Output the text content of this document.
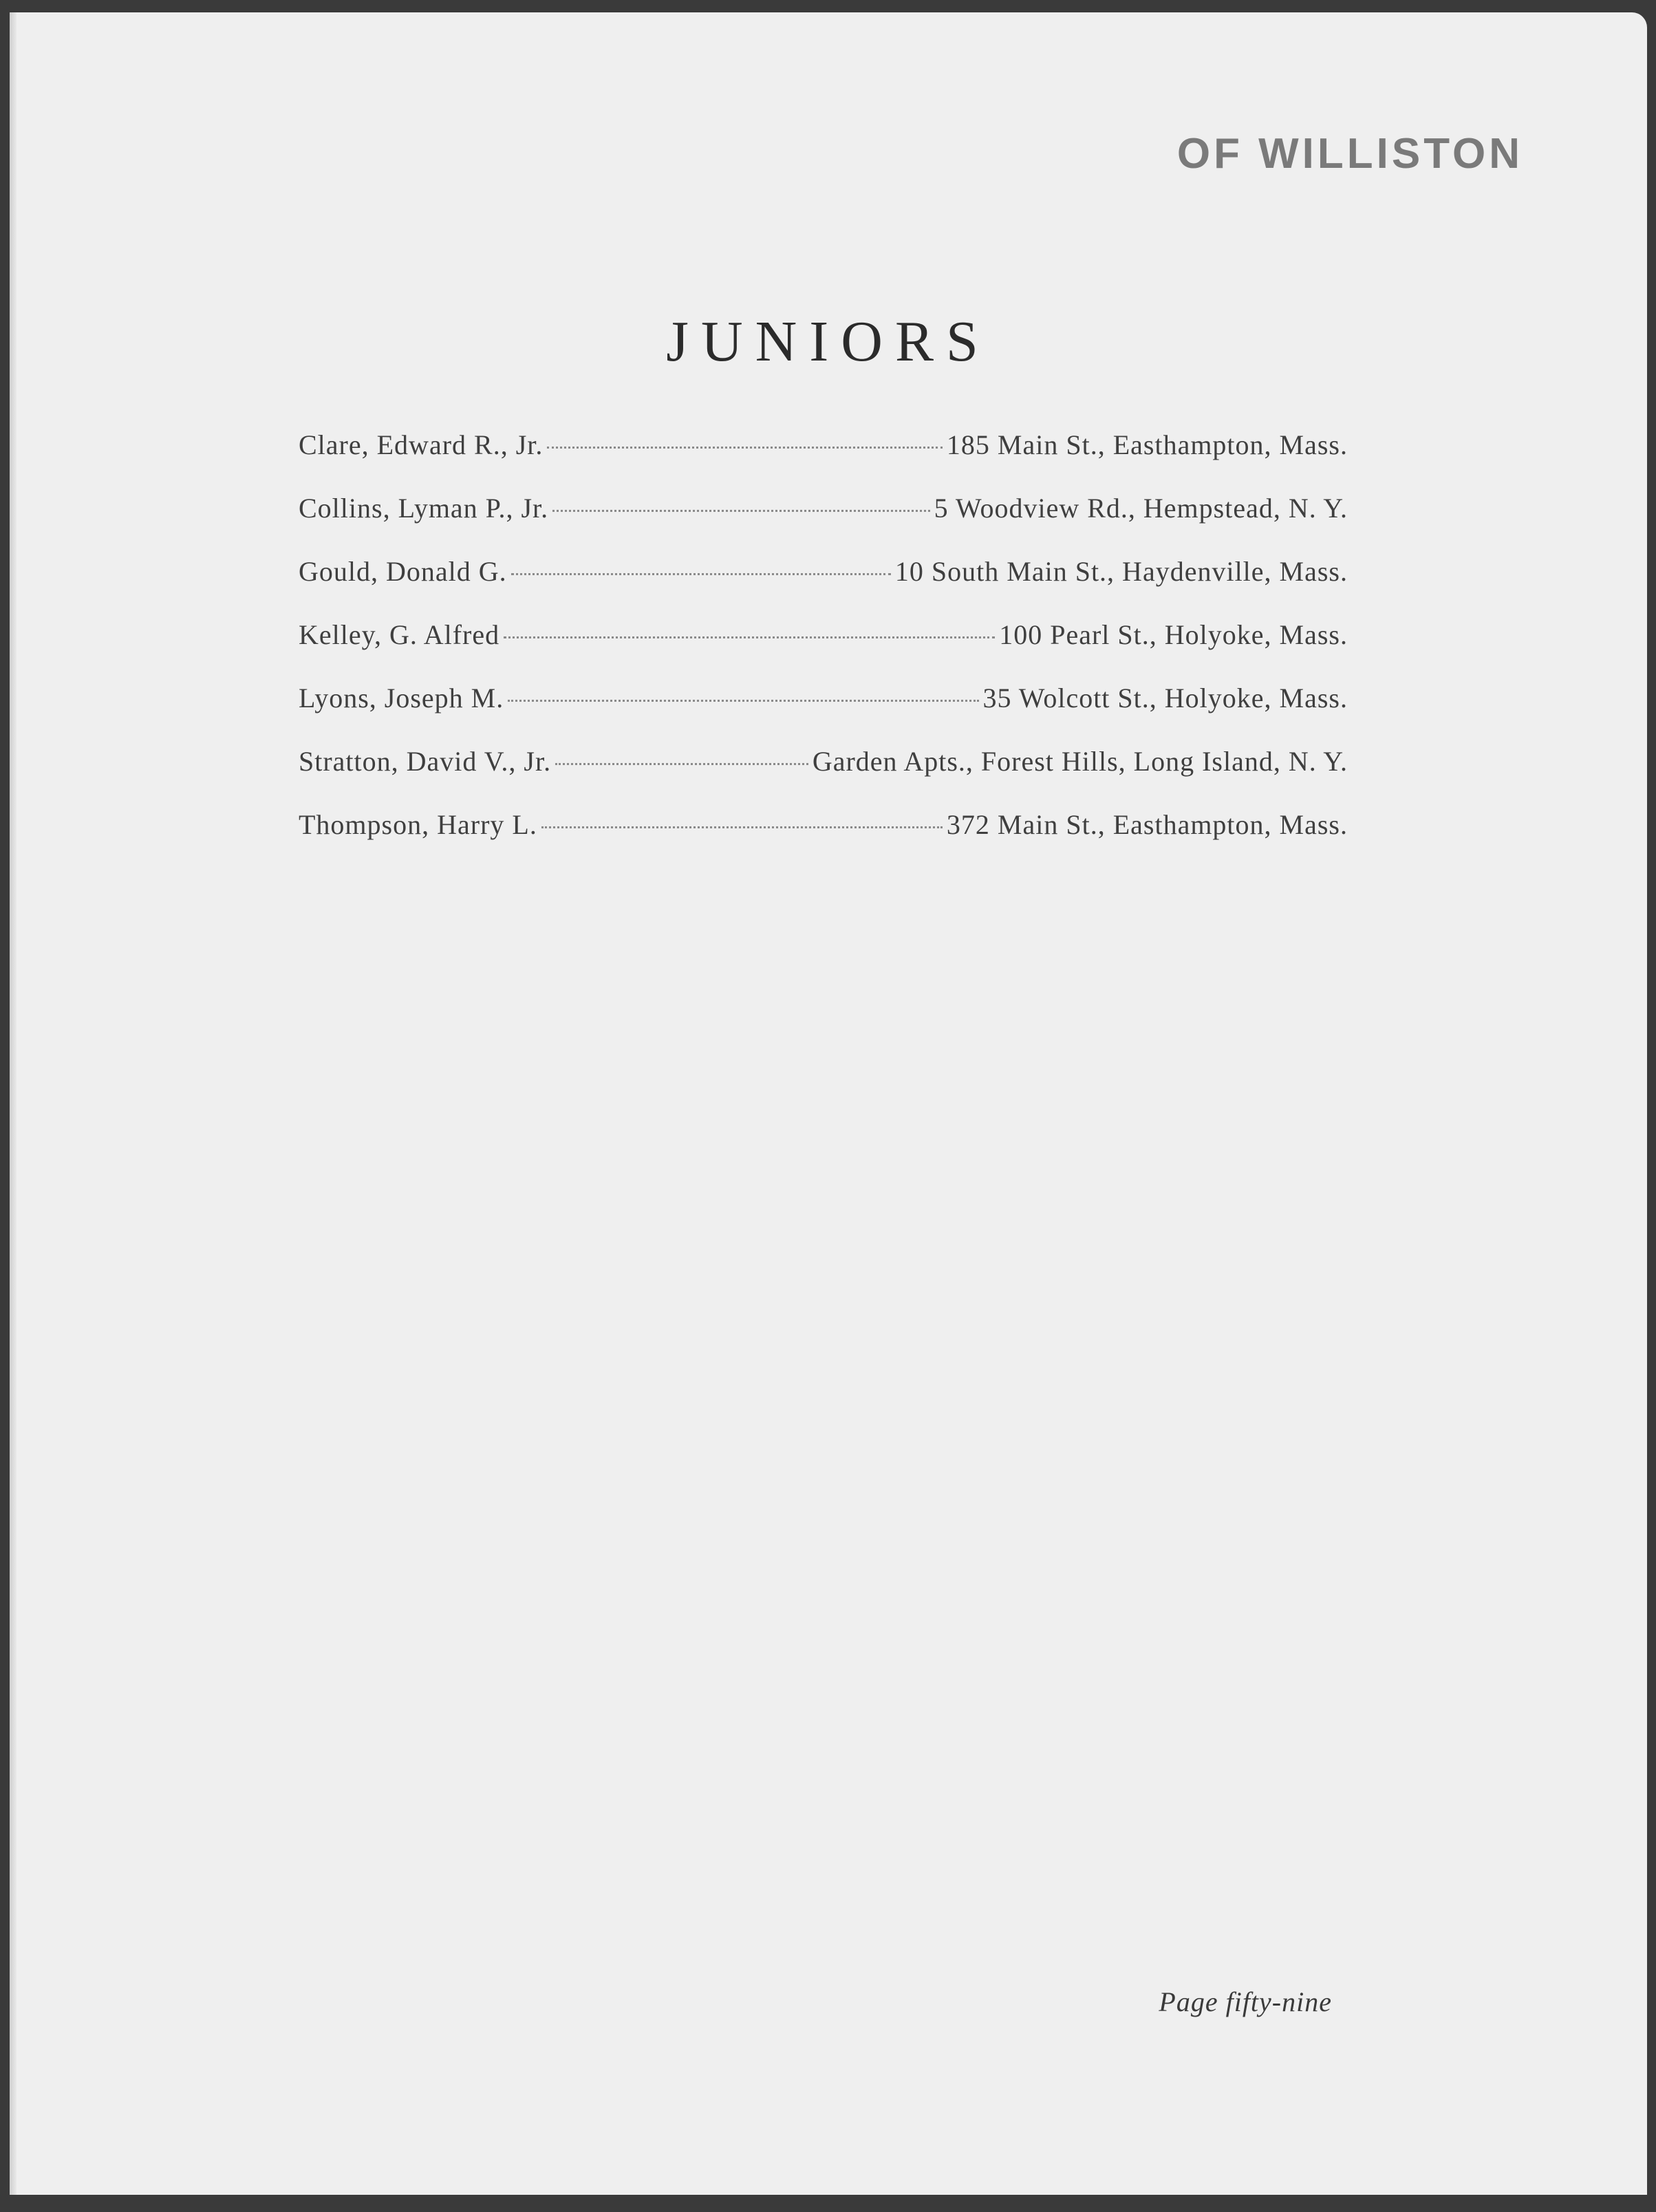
OF WILLISTON

JUNIORS
Clare, Edward R., Jr.	185 Main St., Easthampton, Mass.
Collins, Lyman P., Jr.	5 Woodview Rd., Hempstead, N. Y.
Gould, Donald G.	10 South Main St., Haydenville, Mass.
Kelley, G. Alfred	100 Pearl St., Holyoke, Mass.
Lyons, Joseph M.	35 Wolcott St., Holyoke, Mass.
Stratton, David V., Jr.	Garden Apts., Forest Hills, Long Island, N. Y.
Thompson, Harry L.	372 Main St., Easthampton, Mass.

Page fifty-nine
